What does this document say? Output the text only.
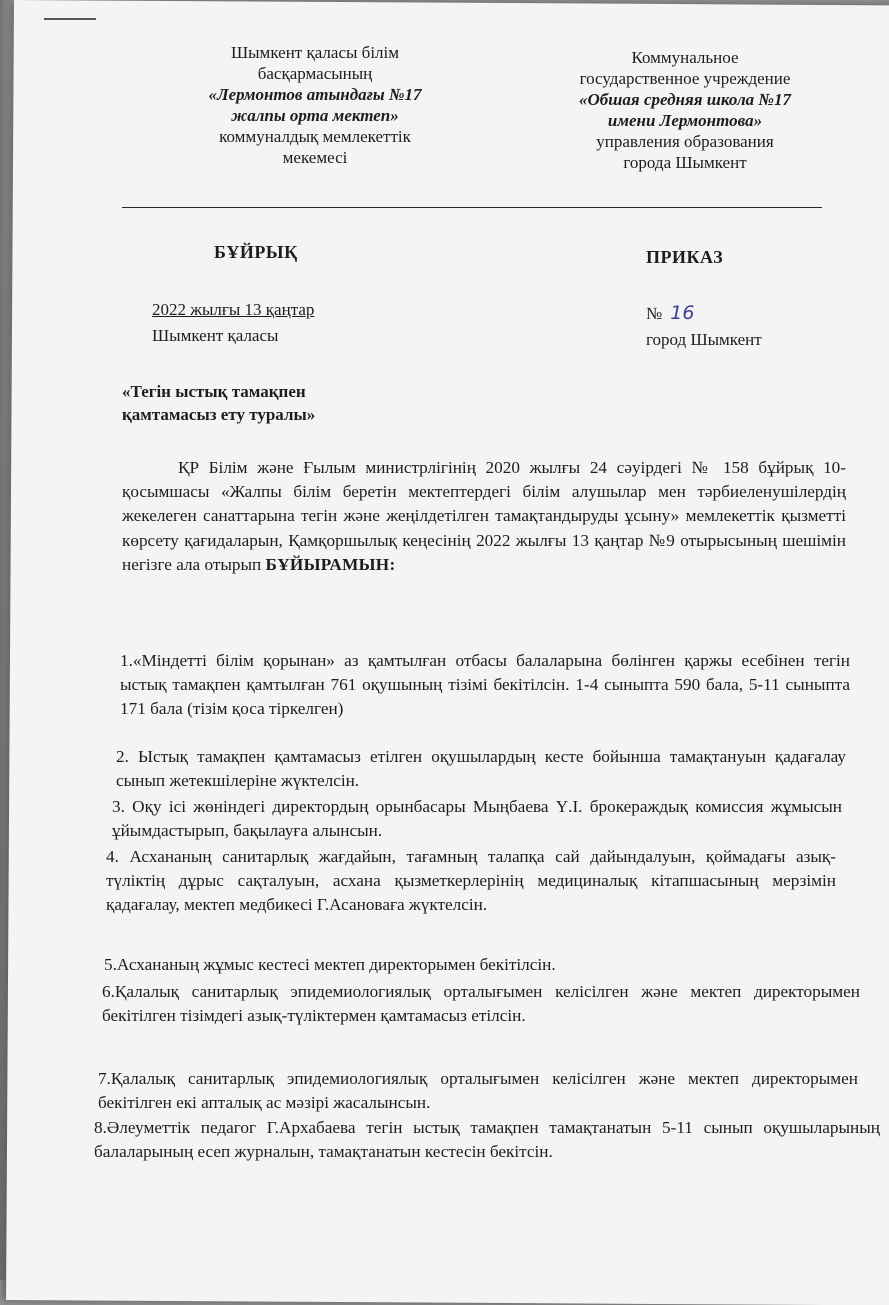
Шымкент қаласы білім
басқармасының
«Лермонтов атындағы №17
жалпы орта мектеп»
коммуналдық мемлекеттік
мекемесі
Коммунальное
государственное учреждение
«Обшая средняя школа №17
имени Лермонтова»
управления образования
города Шымкент
БҰЙРЫҚ	ПРИКАЗ
2022 жылғы 13 қаңтар
Шымкент қаласы
№ 16
город Шымкент
«Тегін ыстық тамақпен
қамтамасыз ету туралы»
ҚР Білім және Ғылым министрлігінің 2020 жылғы 24 сәуірдегі № 158 бұйрық 10-қосымшасы «Жалпы білім беретін мектептердегі білім алушылар мен тәрбиеленушілердің жекелеген санаттарына тегін және жеңілдетілген тамақтандыруды ұсыну» мемлекеттік қызметті көрсету қағидаларын, Қамқоршылық кеңесінің 2022 жылғы 13 қаңтар №9 отырысының шешімін негізге ала отырып БҰЙЫРАМЫН:
1.«Міндетті білім қорынан» аз қамтылған отбасы балаларына бөлінген қаржы есебінен тегін ыстық тамақпен қамтылған 761 оқушының тізімі бекітілсін. 1-4 сыныпта 590 бала, 5-11 сыныпта 171 бала (тізім қоса тіркелген)
2. Ыстық тамақпен қамтамасыз етілген оқушылардың кесте бойынша тамақтануын қадағалау сынып жетекшілеріне жүктелсін.
3. Оқу ісі жөніндегі директордың орынбасары Мыңбаева Ү.І. брокераждық комиссия жұмысын ұйымдастырып, бақылауға алынсын.
4. Асхананың санитарлық жағдайын, тағамның талапқа сай дайындалуын, қоймадағы азық-түліктің дұрыс сақталуын, асхана қызметкерлерінің медициналық кітапшасының мерзімін қадағалау, мектеп медбикесі Г.Асановаға жүктелсін.
5.Асхананың жұмыс кестесі мектеп директорымен бекітілсін.
6.Қалалық санитарлық эпидемиологиялық орталығымен келісілген және мектеп директорымен бекітілген тізімдегі азық-түліктермен қамтамасыз етілсін.
7.Қалалық санитарлық эпидемиологиялық орталығымен келісілген және мектеп директорымен бекітілген екі апталық ас мәзірі жасалынсын.
8.Әлеуметтік педагог Г.Архабаева тегін ыстық тамақпен тамақтанатын 5-11 сынып оқушыларының балаларының есеп журналын, тамақтанатын кестесін бекітсін.
